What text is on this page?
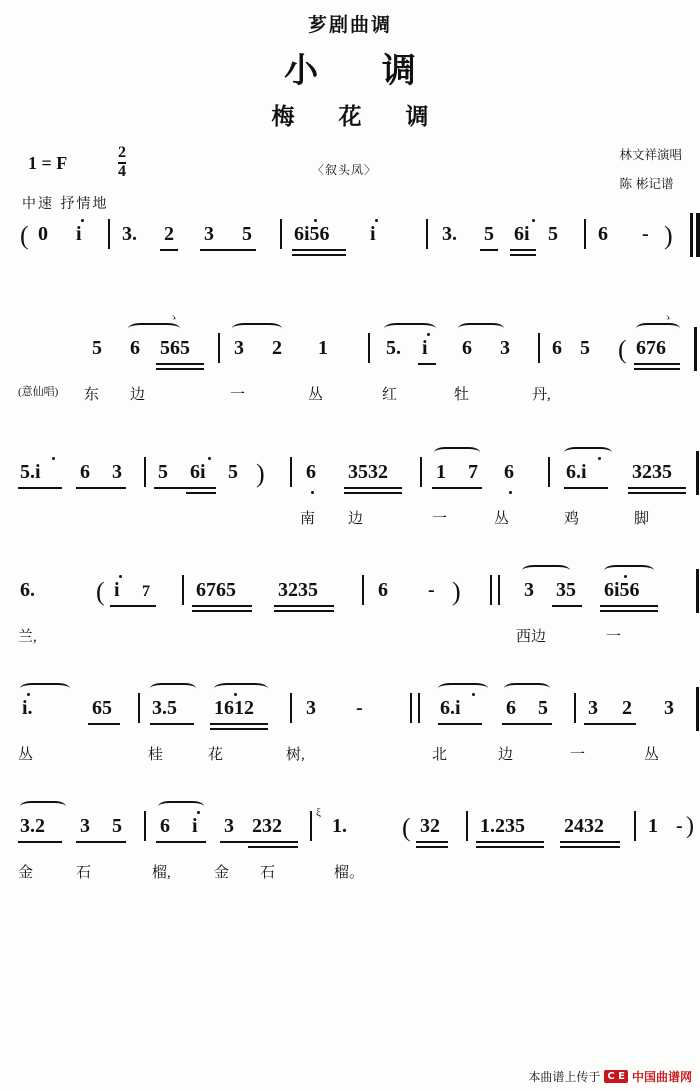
芗剧曲调
小 调
梅 花 调
1 = F	$\frac{2}{4}$	〈叙头凤〉
林文祥演唱
陈 彬记谱
中速 抒情地
( 0 i 3. 2 3 5 6i56 i	3. 5 6i 5 6 - )
5
ゝ
6 565 3 2 1	5. i 6 3 6 5 (
ゝ
676
(意仙唱) 东 边	一	丛	红	牡	丹,
5.i 6 3 5 6i 5 ) 6 3532 1 7 6	6.i 3235
南 边	一	丛	鸡	脚
6. ( i 7 6765 3235	6 - )	3 35 6i56
兰,	西边	一
i.	65 3.5 1612	3 -	6.i 6 5 3 2 3
丛	桂	花	树,	北	边	一	丛
3.2 3 5 6 i 3 232
ξ
1. ( 32 1.235 2432 1 - )
金	石	榴,	金 石	榴。
本曲谱上传于 C E 中国曲谱网
